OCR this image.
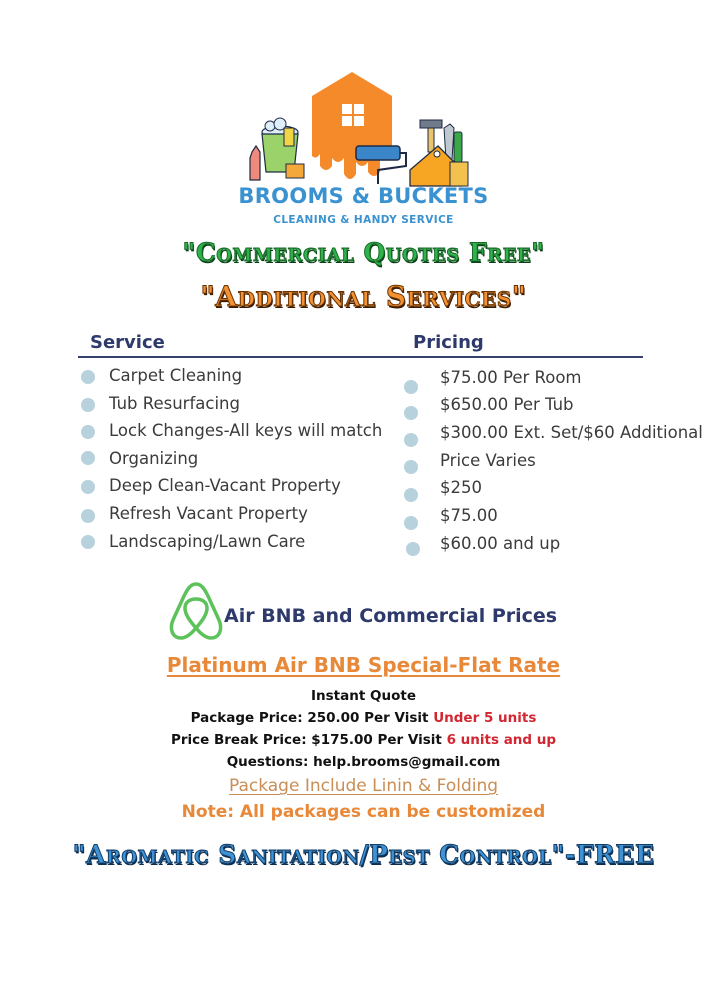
BROOMS & BUCKETS
CLEANING & HANDY SERVICE
"Commercial Quotes Free"
"Additional Services"
Service	Pricing
Carpet Cleaning
Tub Resurfacing
Lock Changes-All keys will match
Organizing
Deep Clean-Vacant Property
Refresh Vacant Property
Landscaping/Lawn Care
$75.00 Per Room
$650.00 Per Tub
$300.00 Ext. Set/$60 Additional
Price Varies
$250
$75.00
$60.00 and up
Air BNB and Commercial Prices
Platinum Air BNB Special-Flat Rate
Instant Quote
Package Price: 250.00 Per Visit Under 5 units
Price Break Price: $175.00 Per Visit 6 units and up
Questions: help.brooms@gmail.com
Package Include Linin & Folding
Note: All packages can be customized
"Aromatic Sanitation/Pest Control"-FREE
